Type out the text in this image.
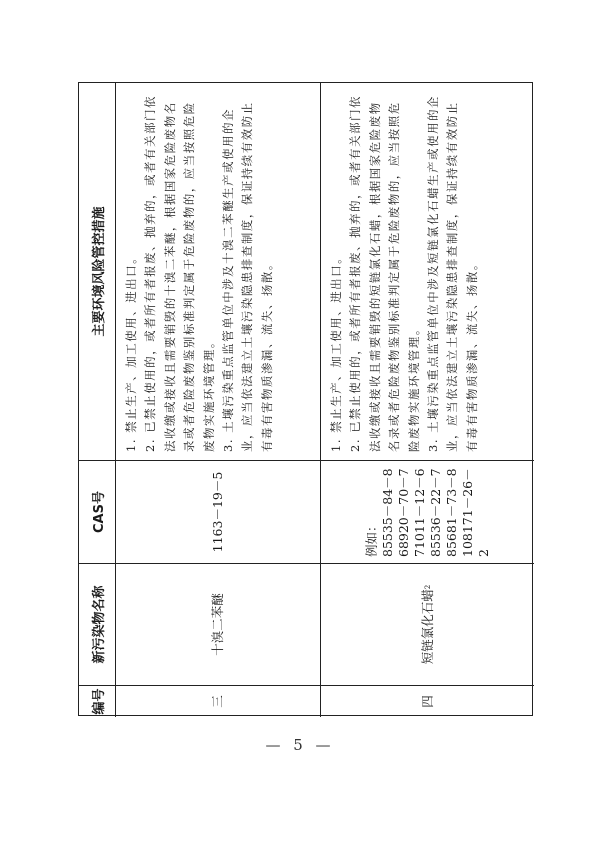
编号
新污染物名称
CAS号
主要环境风险管控措施
三
十溴二苯醚
1163－19－5

1. 禁止生产、加工使用、进出口。 2. 已禁止使用的，或者所有者报废、抛弃的，或者有关部门依法收缴或接收且需要销毁的十溴二苯醚，根据国家危险废物名录或者危险废物鉴别标准判定属于危险废物的，应当按照危险废物实施环境管理。 3. 土壤污染重点监管单位中涉及十溴二苯醚生产或使用的企业，应当依法建立土壤污染隐患排查制度，保证持续有效防止有毒有害物质渗漏、流失、扬散。

四
短链氯化石蜡
2
例如： 85535－84－8 68920－70－7 71011－12－6 85536－22－7 85681－73－8 108171－26－2

1. 禁止生产、加工使用、进出口。 2. 已禁止使用的，或者所有者报废、抛弃的，或者有关部门依法收缴或接收且需要销毁的短链氯化石蜡，根据国家危险废物名录或者危险废物鉴别标准判定属于危险废物的，应当按照危险废物实施环境管理。 3. 土壤污染重点监管单位中涉及短链氯化石蜡生产或使用的企业，应当依法建立土壤污染隐患排查制度，保证持续有效防止有毒有害物质渗漏、流失、扬散。

— 5 —
